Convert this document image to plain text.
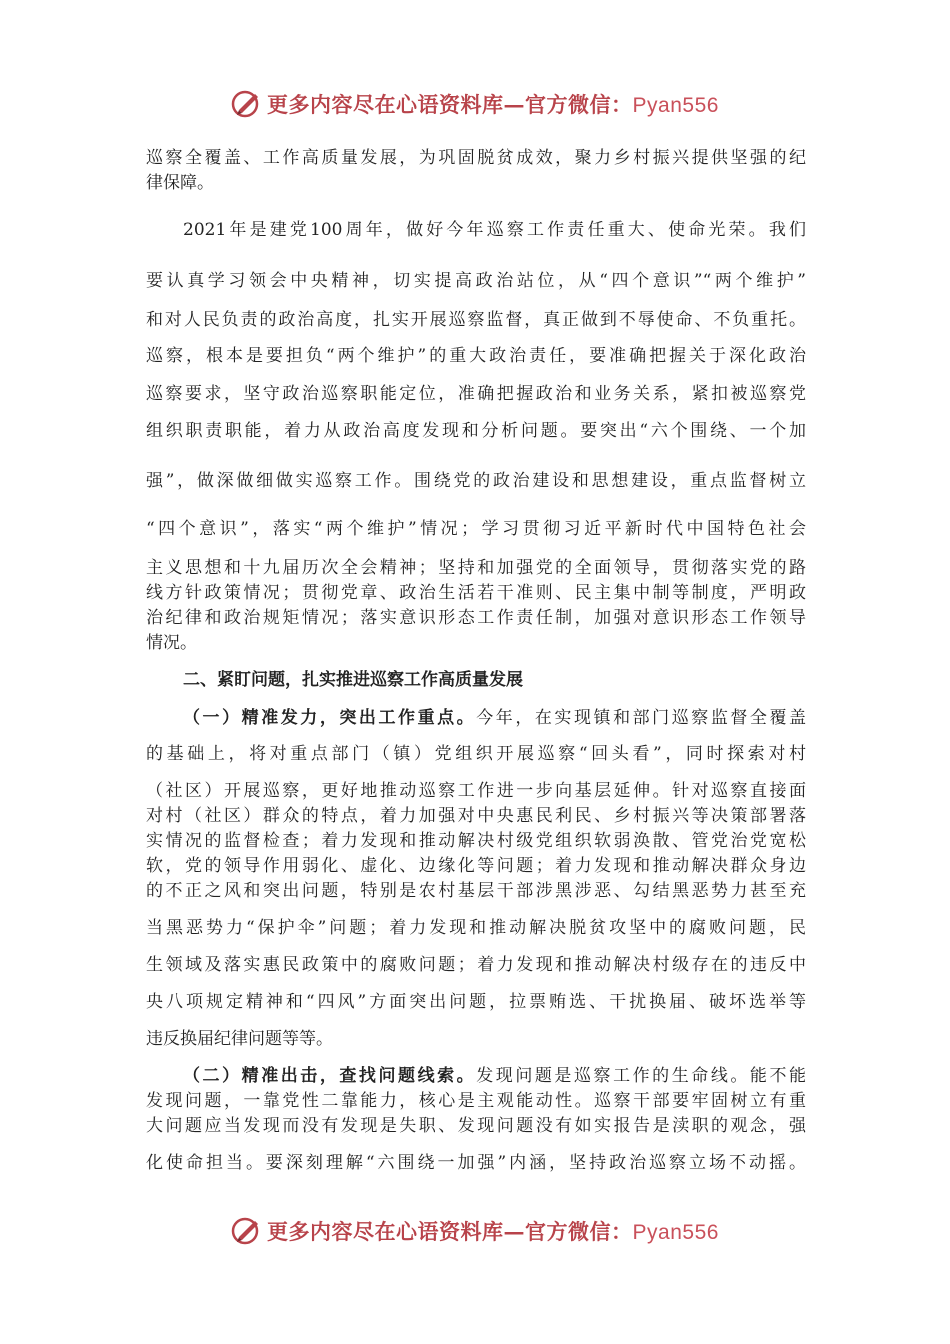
更多内容尽在心语资料库—官方微信：Pyan556
巡察全覆盖、工作高质量发展，为巩固脱贫成效，聚力乡村振兴提供坚强的纪
律保障。
2021年是建党100周年，做好今年巡察工作责任重大、使命光荣。我们
要认真学习领会中央精神，切实提高政治站位，从“四个意识”“两个维护”
和对人民负责的政治高度，扎实开展巡察监督，真正做到不辱使命、不负重托。
巡察，根本是要担负“两个维护”的重大政治责任，要准确把握关于深化政治
巡察要求，坚守政治巡察职能定位，准确把握政治和业务关系，紧扣被巡察党
组织职责职能，着力从政治高度发现和分析问题。要突出“六个围绕、一个加
强”，做深做细做实巡察工作。围绕党的政治建设和思想建设，重点监督树立
“四个意识”，落实“两个维护”情况；学习贯彻习近平新时代中国特色社会
主义思想和十九届历次全会精神；坚持和加强党的全面领导，贯彻落实党的路
线方针政策情况；贯彻党章、政治生活若干准则、民主集中制等制度，严明政
治纪律和政治规矩情况；落实意识形态工作责任制，加强对意识形态工作领导
情况。
二、紧盯问题，扎实推进巡察工作高质量发展
（一）精准发力，突出工作重点。今年，在实现镇和部门巡察监督全覆盖
的基础上，将对重点部门（镇）党组织开展巡察“回头看”，同时探索对村
（社区）开展巡察，更好地推动巡察工作进一步向基层延伸。针对巡察直接面
对村（社区）群众的特点，着力加强对中央惠民利民、乡村振兴等决策部署落
实情况的监督检查；着力发现和推动解决村级党组织软弱涣散、管党治党宽松
软，党的领导作用弱化、虚化、边缘化等问题；着力发现和推动解决群众身边
的不正之风和突出问题，特别是农村基层干部涉黑涉恶、勾结黑恶势力甚至充
当黑恶势力“保护伞”问题；着力发现和推动解决脱贫攻坚中的腐败问题，民
生领域及落实惠民政策中的腐败问题；着力发现和推动解决村级存在的违反中
央八项规定精神和“四风”方面突出问题，拉票贿选、干扰换届、破坏选举等
违反换届纪律问题等等。
（二）精准出击，查找问题线索。发现问题是巡察工作的生命线。能不能
发现问题，一靠党性二靠能力，核心是主观能动性。巡察干部要牢固树立有重
大问题应当发现而没有发现是失职、发现问题没有如实报告是渎职的观念，强
化使命担当。要深刻理解“六围绕一加强”内涵，坚持政治巡察立场不动摇。
更多内容尽在心语资料库—官方微信：Pyan556
